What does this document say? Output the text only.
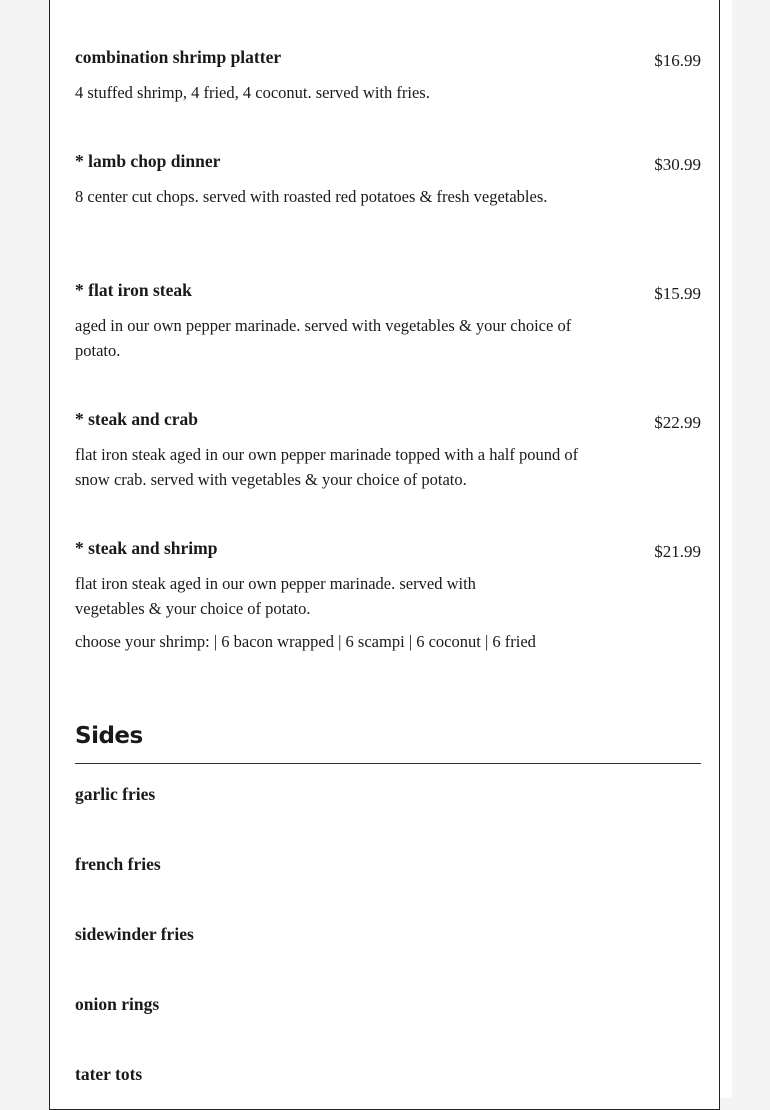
combination shrimp platter	$16.99
4 stuffed shrimp, 4 fried, 4 coconut. served with fries.
* lamb chop dinner	$30.99
8 center cut chops. served with roasted red potatoes & fresh vegetables.
* flat iron steak	$15.99
aged in our own pepper marinade. served with vegetables & your choice of potato.
* steak and crab	$22.99
flat iron steak aged in our own pepper marinade topped with a half pound of snow crab. served with vegetables & your choice of potato.
* steak and shrimp	$21.99
flat iron steak aged in our own pepper marinade. served with vegetables & your choice of potato.
choose your shrimp: | 6 bacon wrapped | 6 scampi | 6 coconut | 6 fried
Sides
garlic fries
french fries
sidewinder fries
onion rings
tater tots
